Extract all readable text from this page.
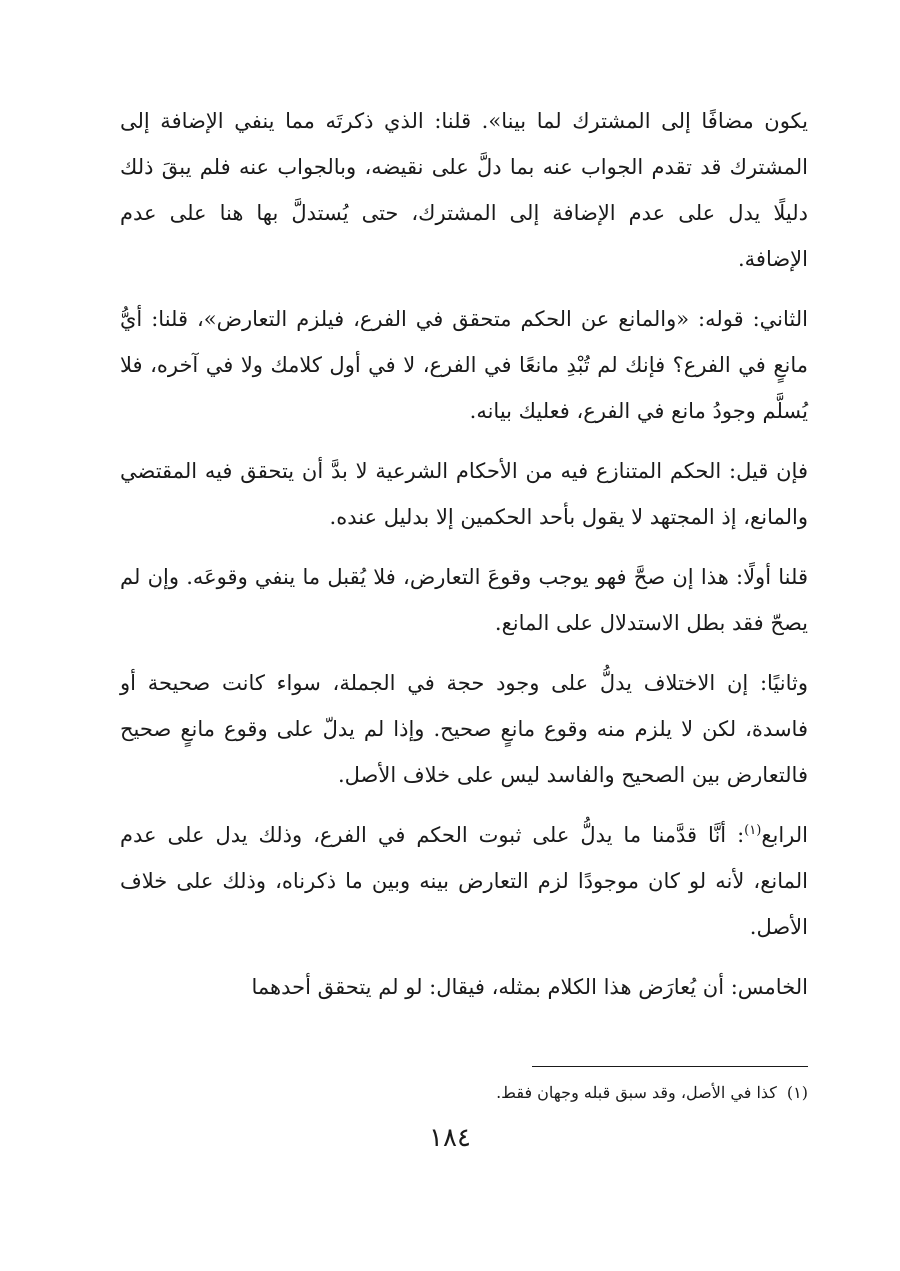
يكون مضافًا إلى المشترك لما بينا». قلنا: الذي ذكرتَه مما ينفي الإضافة إلى المشترك قد تقدم الجواب عنه بما دلَّ على نقيضه، وبالجواب عنه فلم يبقَ ذلك دليلًا يدل على عدم الإضافة إلى المشترك، حتى يُستدلَّ بها هنا على عدم الإضافة.

الثاني: قوله: «والمانع عن الحكم متحقق في الفرع، فيلزم التعارض»، قلنا: أيُّ مانعٍ في الفرع؟ فإنك لم تُبْدِ مانعًا في الفرع، لا في أول كلامك ولا في آخره، فلا يُسلَّم وجودُ مانع في الفرع، فعليك بيانه.

فإن قيل: الحكم المتنازع فيه من الأحكام الشرعية لا بدَّ أن يتحقق فيه المقتضي والمانع، إذ المجتهد لا يقول بأحد الحكمين إلا بدليل عنده.

قلنا أولًا: هذا إن صحَّ فهو يوجب وقوعَ التعارض، فلا يُقبل ما ينفي وقوعَه. وإن لم يصحّ فقد بطل الاستدلال على المانع.

وثانيًا: إن الاختلاف يدلُّ على وجود حجة في الجملة، سواء كانت صحيحة أو فاسدة، لكن لا يلزم منه وقوع مانعٍ صحيح. وإذا لم يدلّ على وقوع مانعٍ صحيح فالتعارض بين الصحيح والفاسد ليس على خلاف الأصل.

الرابع$^{(١)}$: أنَّا قدَّمنا ما يدلُّ على ثبوت الحكم في الفرع، وذلك يدل على عدم المانع، لأنه لو كان موجودًا لزم التعارض بينه وبين ما ذكرناه، وذلك على خلاف الأصل.

الخامس: أن يُعارَض هذا الكلام بمثله، فيقال: لو لم يتحقق أحدهما

(١)كذا في الأصل، وقد سبق قبله وجهان فقط.
١٨٤
